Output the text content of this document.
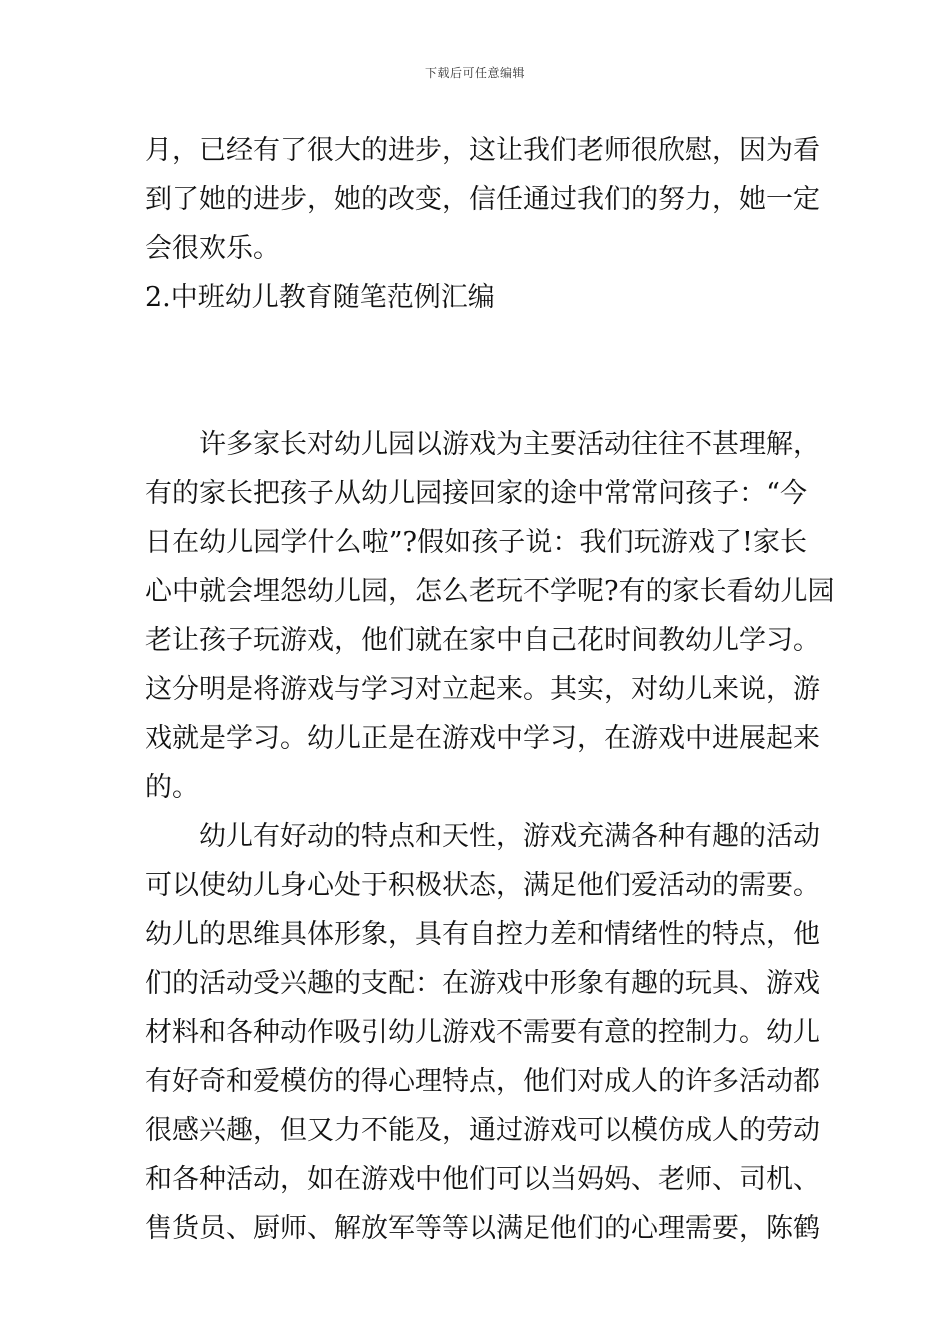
下载后可任意编辑
月，已经有了很大的进步，这让我们老师很欣慰，因为看
到了她的进步，她的改变，信任通过我们的努力，她一定
会很欢乐。
2.中班幼儿教育随笔范例汇编
许多家长对幼儿园以游戏为主要活动往往不甚理解，
有的家长把孩子从幼儿园接回家的途中常常问孩子：“今
日在幼儿园学什么啦”?假如孩子说：我们玩游戏了!家长
心中就会埋怨幼儿园，怎么老玩不学呢?有的家长看幼儿园
老让孩子玩游戏，他们就在家中自己花时间教幼儿学习。
这分明是将游戏与学习对立起来。其实，对幼儿来说，游
戏就是学习。幼儿正是在游戏中学习，在游戏中进展起来
的。
幼儿有好动的特点和天性，游戏充满各种有趣的活动
可以使幼儿身心处于积极状态，满足他们爱活动的需要。
幼儿的思维具体形象，具有自控力差和情绪性的特点，他
们的活动受兴趣的支配：在游戏中形象有趣的玩具、游戏
材料和各种动作吸引幼儿游戏不需要有意的控制力。幼儿
有好奇和爱模仿的得心理特点，他们对成人的许多活动都
很感兴趣，但又力不能及，通过游戏可以模仿成人的劳动
和各种活动，如在游戏中他们可以当妈妈、老师、司机、
售货员、厨师、解放军等等以满足他们的心理需要，陈鹤
